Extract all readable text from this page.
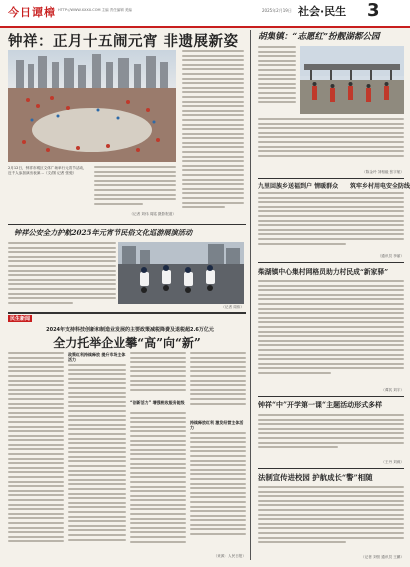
今日谭樟 HTTP://WWW.XXXX.COM 主编 责任编辑 美编	2025年2月19日 社会·民生 3
钟祥：正月十五闹元宵 非遗展新姿
2月12日，钟祥市城区文体广场举行元宵节活动，近千人参加演出表演…（文/图 记者 张弛）
（记者 刘伟 周铭 摄影报道）
钟祥公安全力护航2025年元宵节民俗文化巡游展演活动
（记者 周伟）
民生新闻
2024年支持科技创新和制造业发展的主要政策减税降费及退税超2.6万亿元
全力托举企业攀“高”向“新”
政策红利持续释放 提升市场主体活力
“创新活力” 增强税收服务能级
持续释放红利 激发经营主体活力
（来源：人民日报）
胡集镇：“志愿红”扮靓湖都公园
（陈金玲 刘相毅 张宇航）
九里回族乡送福到户 情暖群众 筑牢乡村用电安全防线
（通讯员 李丽）
柴湖镇中心集村网格员助力村民成“新家驿”
（谭其 刘宇）
钟祥“中”开学第一课“主题活动形式多样
（王丹 刘威）
法制宣传进校园 护航成长“警”相随
（记者 刘恒 通讯员 王鹏）
